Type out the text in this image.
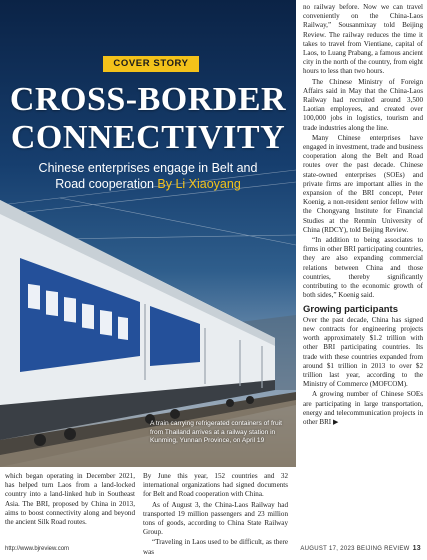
COVER STORY
CROSS-BORDER
CONNECTIVITY
Chinese enterprises engage in Belt and
Road cooperation By Li Xiaoyang
A train carrying refrigerated containers of fruit from Thailand arrives at a railway station in Kunming, Yunnan Province, on April 19

which began operating in December 2021, has helped turn Laos from a land-locked country into a land-linked hub in Southeast Asia. The BRI, proposed by China in 2013, aims to boost connectivity along and beyond the ancient Silk Road routes.

By June this year, 152 countries and 32 international organizations had signed documents for Belt and Road cooperation with China.

As of August 3, the China-Laos Railway had transported 19 million passengers and 23 million tons of goods, according to China State Railway Group.

“Traveling in Laos used to be difficult, as there was

no railway before. Now we can travel conveniently on the China-Laos Railway,” Sousanmixay told Beijing Review. The railway reduces the time it takes to travel from Vientiane, capital of Laos, to Luang Prabang, a famous ancient city in the north of the country, from eight hours to less than two hours.

The Chinese Ministry of Foreign Affairs said in May that the China-Laos Railway had recruited around 3,500 Laotian employees, and created over 100,000 jobs in logistics, tourism and trade industries along the line.

Many Chinese enterprises have engaged in investment, trade and business cooperation along the Belt and Road routes over the past decade. Chinese state-owned enterprises (SOEs) and private firms are important allies in the expansion of the BRI concept, Peter Koenig, a non-resident senior fellow with the Chongyang Institute for Financial Studies at the Renmin University of China (RDCY), told Beijing Review.

“In addition to being associates to firms in other BRI participating countries, they are also expanding commercial relations between China and those countries, thereby significantly contributing to the economic growth of both sides,” Koenig said.

Growing participants

Over the past decade, China has signed new contracts for engineering projects worth approximately $1.2 trillion with other BRI participating countries. Its trade with these countries expanded from around $1 trillion in 2013 to over $2 trillion last year, according to the Ministry of Commerce (MOFCOM).

A growing number of Chinese SOEs are participating in large transportation, energy and telecommunication projects in other BRI ▶

http://www.bjreview.com	AUGUST 17, 2023 BEIJING REVIEW 13
